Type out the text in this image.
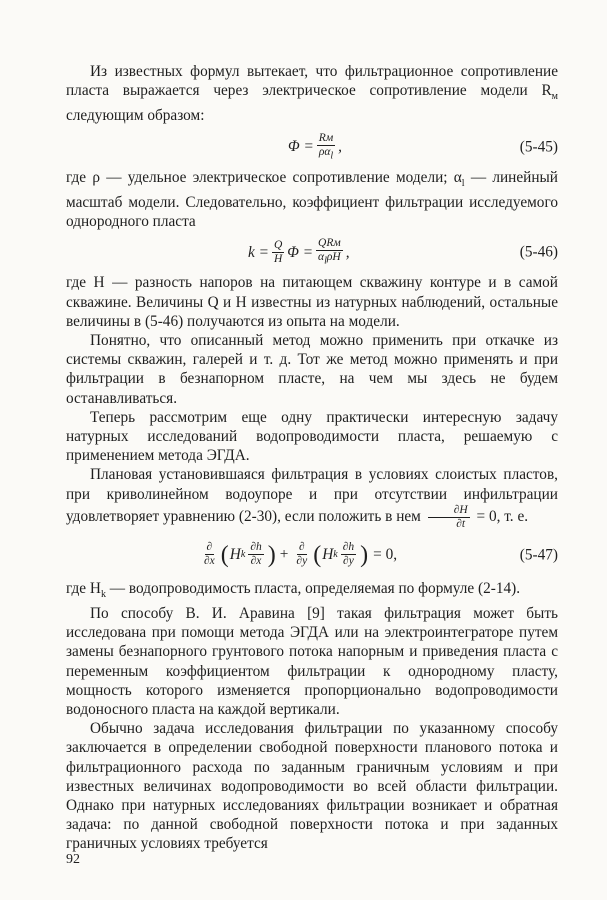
Из известных формул вытекает, что фильтрационное сопротивление пласта выражается через электрическое сопротивление модели $R_м$ следующим образом:

$\Phi = \frac{Rм}{\rho\alpha_l}$ ,	(5-45)

где ρ — удельное электрическое сопротивление модели; $\alpha_l$ — линейный масштаб модели. Следовательно, коэффициент фильтрации исследуемого однородного пласта

$k = \frac{Q}{H}$ $\Phi = \frac{\text{QRм}}{\alpha_l\rho H}$ ,	(5-46)

где H — разность напоров на питающем скважину контуре и в самой скважине. Величины Q и H известны из натурных наблюдений, остальные величины в (5-46) получаются из опыта на модели.

Понятно, что описанный метод можно применить при откачке из системы скважин, галерей и т. д. Тот же метод можно применять и при фильтрации в безнапорном пласте, на чем мы здесь не будем останавливаться.

Теперь рассмотрим еще одну практически интересную задачу натурных исследований водопроводимости пласта, решаемую с применением метода ЭГДА.

Плановая установившаяся фильтрация в условиях слоистых пластов, при криволинейном водоупоре и при отсутствии инфильтрации удовлетворяет уравнению (2-30), если положить в нем $\frac{\partial H}{\partial t} = 0$, т. е.

$\frac{\partial}{\partial x}$ ( H k $\frac{\partial h}{\partial x}$ ) + $\frac{\partial}{\partial y}$ ( H k $\frac{\partial h}{\partial y}$ ) = 0,	(5-47)

где $H_k$ — водопроводимость пласта, определяемая по формуле (2-14).

По способу В. И. Аравина [9] такая фильтрация может быть исследована при помощи метода ЭГДА или на электроинтеграторе путем замены безнапорного грунтового потока напорным и приведения пласта с переменным коэффициентом фильтрации к однородному пласту, мощность которого изменяется пропорционально водопроводимости водоносного пласта на каждой вертикали.

Обычно задача исследования фильтрации по указанному способу заключается в определении свободной поверхности планового потока и фильтрационного расхода по заданным граничным условиям и при известных величинах водопроводимости во всей области фильтрации. Однако при натурных исследованиях фильтрации возникает и обратная задача: по данной свободной поверхности потока и при заданных граничных условиях требуется

92
